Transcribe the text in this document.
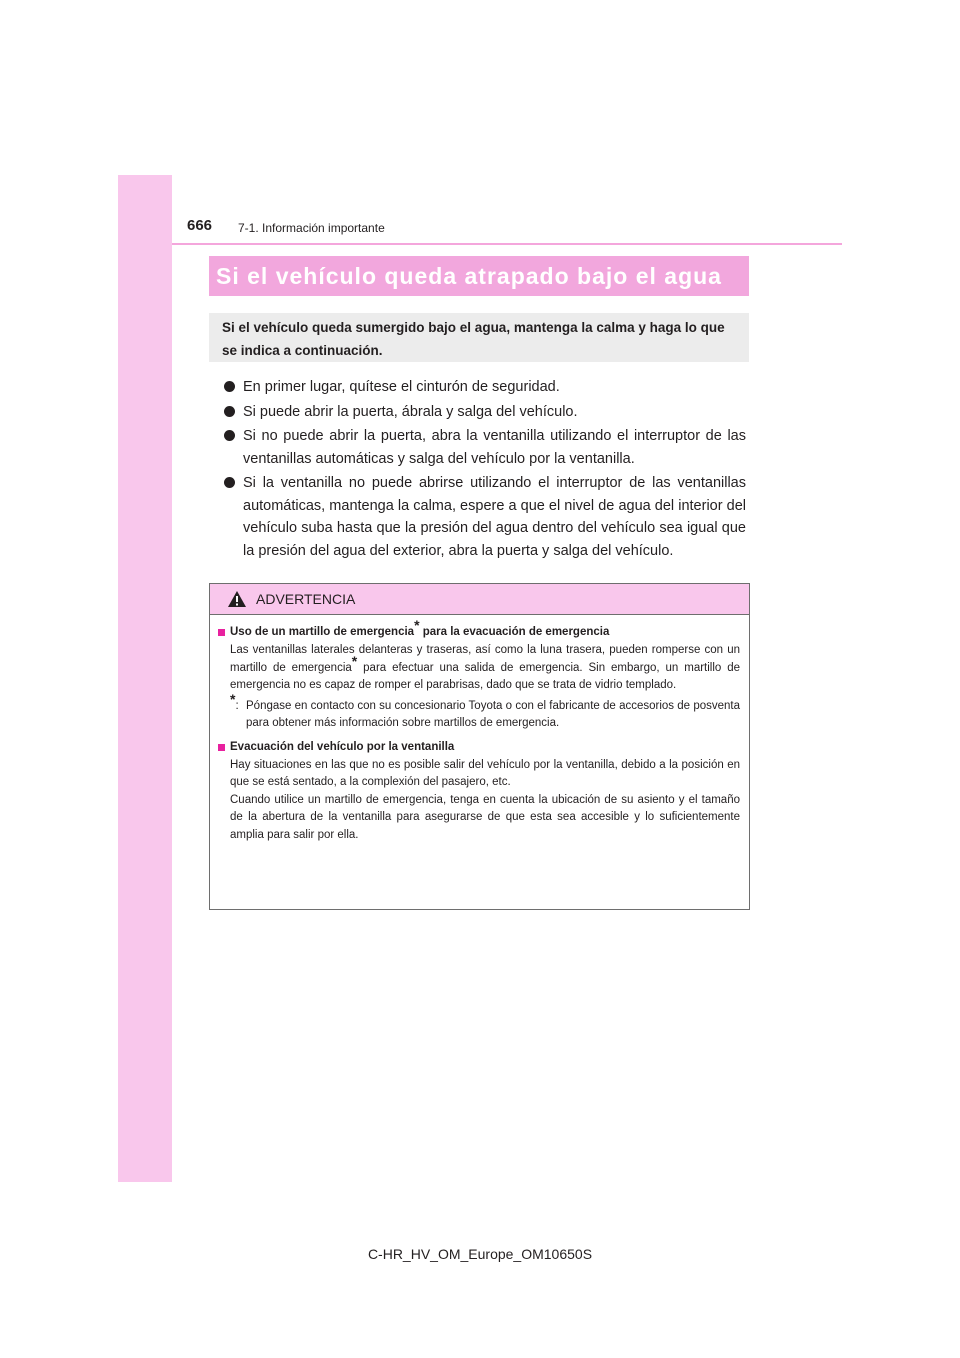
666 7-1. Información importante
Si el vehículo queda atrapado bajo el agua

Si el vehículo queda sumergido bajo el agua, mantenga la calma y haga lo que se indica a continuación.

En primer lugar, quítese el cinturón de seguridad.
Si puede abrir la puerta, ábrala y salga del vehículo.
Si no puede abrir la puerta, abra la ventanilla utilizando el interruptor de las ventanillas automáticas y salga del vehículo por la ventanilla.
Si la ventanilla no puede abrirse utilizando el interruptor de las ventanillas automáticas, mantenga la calma, espere a que el nivel de agua del interior del vehículo suba hasta que la presión del agua dentro del vehículo sea igual que la presión del agua del exterior, abra la puerta y salga del vehículo.
ADVERTENCIA
Uso de un martillo de emergencia* para la evacuación de emergencia
Las ventanillas laterales delanteras y traseras, así como la luna trasera, pueden romperse con un martillo de emergencia* para efectuar una salida de emergencia. Sin embargo, un martillo de emergencia no es capaz de romper el parabrisas, dado que se trata de vidrio templado.
*: Póngase en contacto con su concesionario Toyota o con el fabricante de accesorios de posventa para obtener más información sobre martillos de emergencia.
Evacuación del vehículo por la ventanilla
Hay situaciones en las que no es posible salir del vehículo por la ventanilla, debido a la posición en que se está sentado, a la complexión del pasajero, etc.
Cuando utilice un martillo de emergencia, tenga en cuenta la ubicación de su asiento y el tamaño de la abertura de la ventanilla para asegurarse de que esta sea accesible y lo suficientemente amplia para salir por ella.
C-HR_HV_OM_Europe_OM10650S
